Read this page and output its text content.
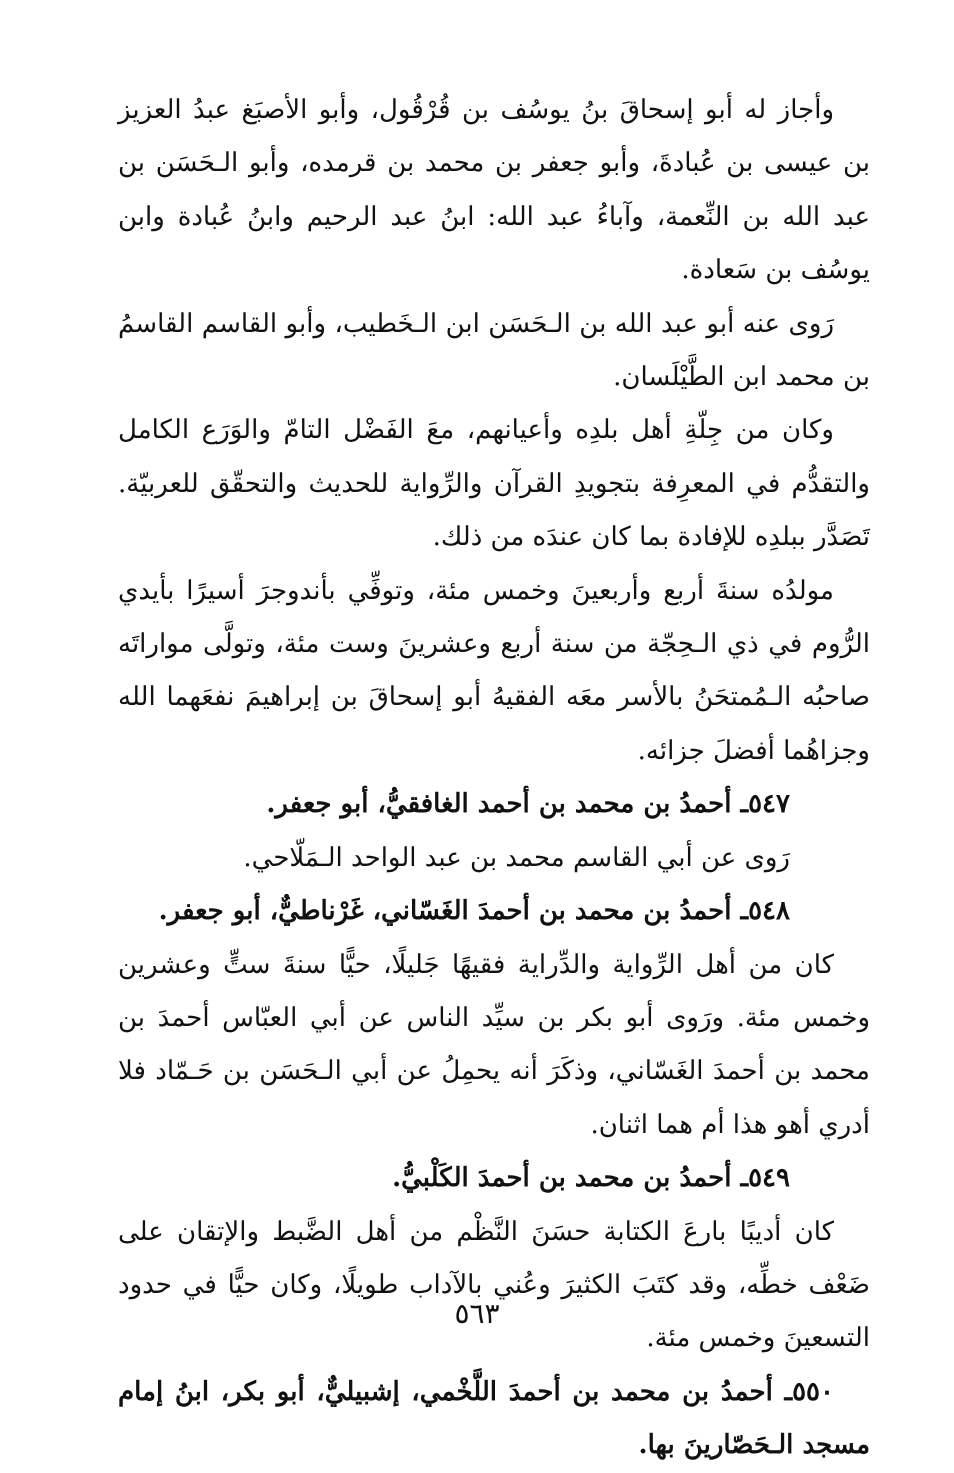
وأجاز له أبو إسحاقَ بنُ يوسُف بن قُرْقُول، وأبو الأصبَغ عبدُ العزيز بن عيسى بن عُبادةَ، وأبو جعفر بن محمد بن قرمده، وأبو الـحَسَن بن عبد الله بن النِّعمة، وآباءُ عبد الله: ابنُ عبد الرحيم وابنُ عُبادة وابن يوسُف بن سَعادة.

رَوى عنه أبو عبد الله بن الـحَسَن ابن الـخَطيب، وأبو القاسم القاسمُ بن محمد ابن الطَّيْلَسان.

وكان من جِلّةِ أهل بلدِه وأعيانهم، معَ الفَضْل التامّ والوَرَع الكامل والتقدُّم في المعرِفة بتجويدِ القرآن والرِّواية للحديث والتحقّق للعربيّة. تَصَدَّر ببلدِه للإفادة بما كان عندَه من ذلك.

مولدُه سنةَ أربع وأربعينَ وخمس مئة، وتوفِّي بأندوجرَ أسيرًا بأيدي الرُّوم في ذي الـحِجّة من سنة أربع وعشرينَ وست مئة، وتولَّى مواراتَه صاحبُه الـمُمتحَنُ بالأسر معَه الفقيهُ أبو إسحاقَ بن إبراهيمَ نفعَهما الله وجزاهُما أفضلَ جزائه.

٥٤٧ـ أحمدُ بن محمد بن أحمد الغافقيُّ، أبو جعفر.

رَوى عن أبي القاسم محمد بن عبد الواحد الـمَلّاحي.

٥٤٨ـ أحمدُ بن محمد بن أحمدَ الغَسّاني، غَرْناطيٌّ، أبو جعفر.

كان من أهل الرِّواية والدِّراية فقيهًا جَليلًا، حيًّا سنةَ ستٍّ وعشرين وخمس مئة. ورَوى أبو بكر بن سيِّد الناس عن أبي العبّاس أحمدَ بن محمد بن أحمدَ الغَسّاني، وذكَرَ أنه يحمِلُ عن أبي الـحَسَن بن حَـمّاد فلا أدري أهو هذا أم هما اثنان.

٥٤٩ـ أحمدُ بن محمد بن أحمدَ الكَلْبيُّ.

كان أديبًا بارعَ الكتابة حسَنَ النَّظْم من أهل الضَّبط والإتقان على ضَعْف خطِّه، وقد كتَبَ الكثيرَ وعُني بالآداب طويلًا، وكان حيًّا في حدود التسعينَ وخمس مئة.

٥٥٠ـ أحمدُ بن محمد بن أحمدَ اللَّخْمي، إشبيليٌّ، أبو بكر، ابنُ إمام مسجد الـحَصّارينَ بها.

٥٦٣
